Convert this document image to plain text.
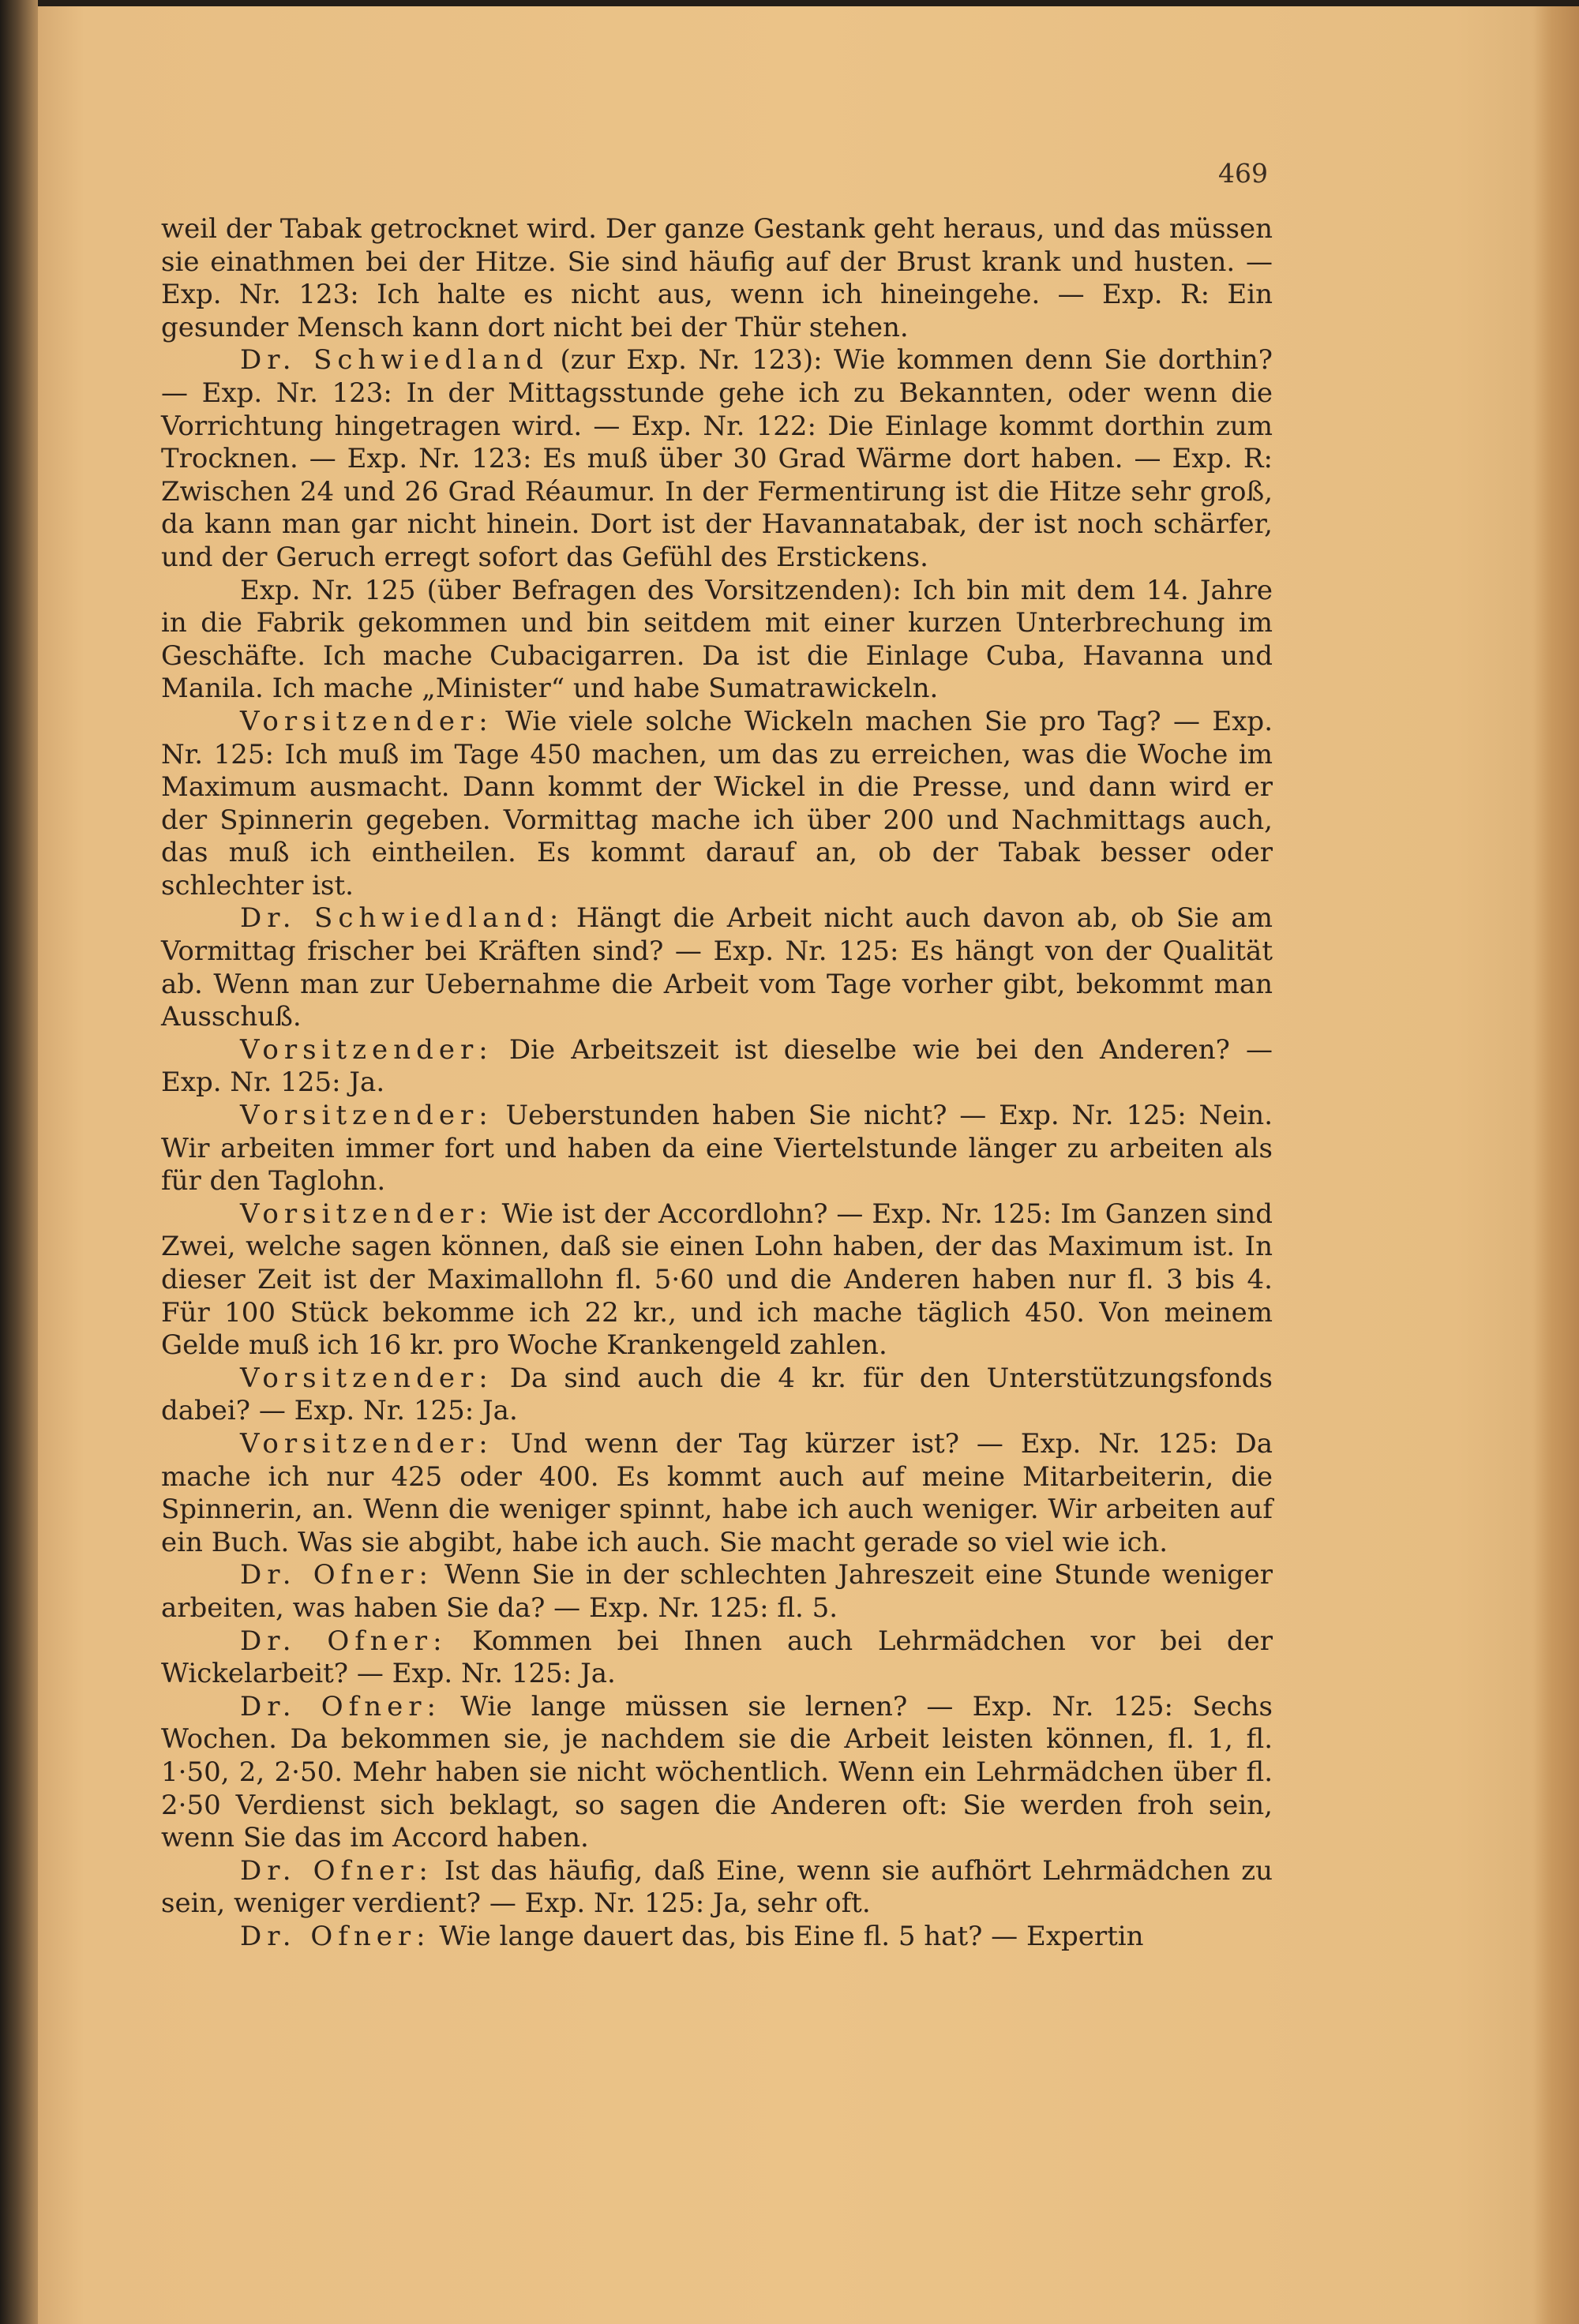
469

weil der Tabak getrocknet wird. Der ganze Gestank geht heraus, und das müssen sie einathmen bei der Hitze. Sie sind häufig auf der Brust krank und husten. — Exp. Nr. 123: Ich halte es nicht aus, wenn ich hineingehe. — Exp. R: Ein gesunder Mensch kann dort nicht bei der Thür stehen.

Dr. Schwiedland (zur Exp. Nr. 123): Wie kommen denn Sie dorthin? — Exp. Nr. 123: In der Mittagsstunde gehe ich zu Bekannten, oder wenn die Vorrichtung hingetragen wird. — Exp. Nr. 122: Die Einlage kommt dorthin zum Trocknen. — Exp. Nr. 123: Es muß über 30 Grad Wärme dort haben. — Exp. R: Zwischen 24 und 26 Grad Réaumur. In der Fermentirung ist die Hitze sehr groß, da kann man gar nicht hinein. Dort ist der Havannatabak, der ist noch schärfer, und der Geruch erregt sofort das Gefühl des Erstickens.

Exp. Nr. 125 (über Befragen des Vorsitzenden): Ich bin mit dem 14. Jahre in die Fabrik gekommen und bin seitdem mit einer kurzen Unterbrechung im Geschäfte. Ich mache Cubacigarren. Da ist die Einlage Cuba, Havanna und Manila. Ich mache „Minister“ und habe Sumatrawickeln.

Vorsitzender: Wie viele solche Wickeln machen Sie pro Tag? — Exp. Nr. 125: Ich muß im Tage 450 machen, um das zu erreichen, was die Woche im Maximum ausmacht. Dann kommt der Wickel in die Presse, und dann wird er der Spinnerin gegeben. Vormittag mache ich über 200 und Nachmittags auch, das muß ich eintheilen. Es kommt darauf an, ob der Tabak besser oder schlechter ist.

Dr. Schwiedland: Hängt die Arbeit nicht auch davon ab, ob Sie am Vormittag frischer bei Kräften sind? — Exp. Nr. 125: Es hängt von der Qualität ab. Wenn man zur Uebernahme die Arbeit vom Tage vorher gibt, bekommt man Ausschuß.

Vorsitzender: Die Arbeitszeit ist dieselbe wie bei den Anderen? — Exp. Nr. 125: Ja.

Vorsitzender: Ueberstunden haben Sie nicht? — Exp. Nr. 125: Nein. Wir arbeiten immer fort und haben da eine Viertelstunde länger zu arbeiten als für den Taglohn.

Vorsitzender: Wie ist der Accordlohn? — Exp. Nr. 125: Im Ganzen sind Zwei, welche sagen können, daß sie einen Lohn haben, der das Maximum ist. In dieser Zeit ist der Maximallohn fl. 5·60 und die Anderen haben nur fl. 3 bis 4. Für 100 Stück bekomme ich 22 kr., und ich mache täglich 450. Von meinem Gelde muß ich 16 kr. pro Woche Krankengeld zahlen.

Vorsitzender: Da sind auch die 4 kr. für den Unterstützungsfonds dabei? — Exp. Nr. 125: Ja.

Vorsitzender: Und wenn der Tag kürzer ist? — Exp. Nr. 125: Da mache ich nur 425 oder 400. Es kommt auch auf meine Mitarbeiterin, die Spinnerin, an. Wenn die weniger spinnt, habe ich auch weniger. Wir arbeiten auf ein Buch. Was sie abgibt, habe ich auch. Sie macht gerade so viel wie ich.

Dr. Ofner: Wenn Sie in der schlechten Jahreszeit eine Stunde weniger arbeiten, was haben Sie da? — Exp. Nr. 125: fl. 5.

Dr. Ofner: Kommen bei Ihnen auch Lehrmädchen vor bei der Wickelarbeit? — Exp. Nr. 125: Ja.

Dr. Ofner: Wie lange müssen sie lernen? — Exp. Nr. 125: Sechs Wochen. Da bekommen sie, je nachdem sie die Arbeit leisten können, fl. 1, fl. 1·50, 2, 2·50. Mehr haben sie nicht wöchentlich. Wenn ein Lehrmädchen über fl. 2·50 Verdienst sich beklagt, so sagen die Anderen oft: Sie werden froh sein, wenn Sie das im Accord haben.

Dr. Ofner: Ist das häufig, daß Eine, wenn sie aufhört Lehrmädchen zu sein, weniger verdient? — Exp. Nr. 125: Ja, sehr oft.

Dr. Ofner: Wie lange dauert das, bis Eine fl. 5 hat? — Expertin
